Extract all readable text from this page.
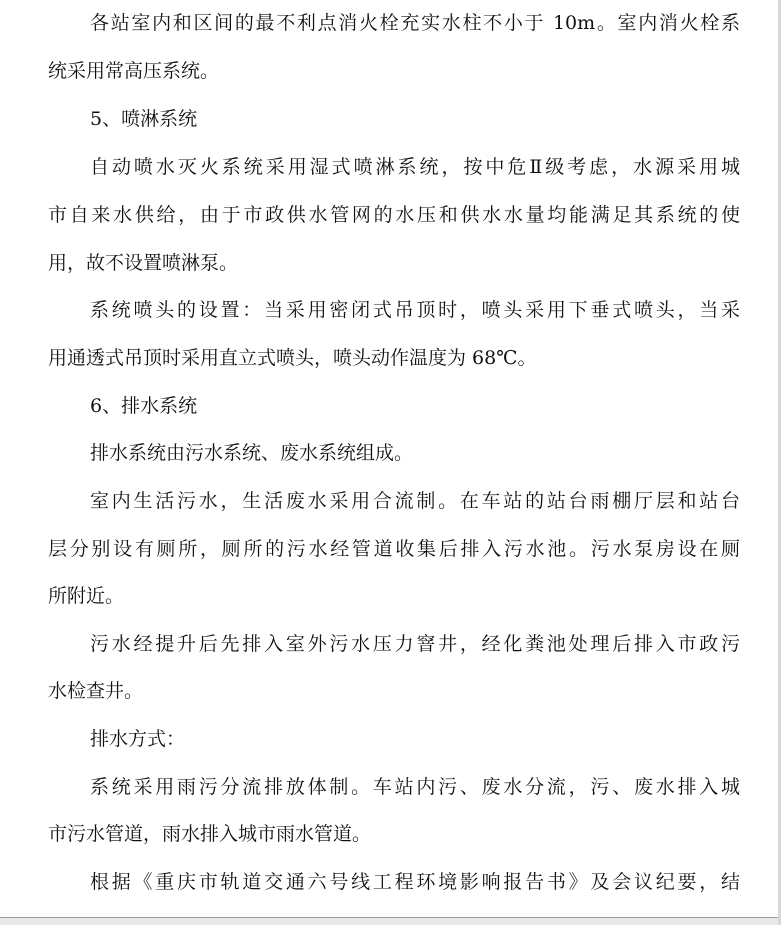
各站室内和区间的最不利点消火栓充实水柱不小于 10m。室内消火栓系
统采用常高压系统。
5、喷淋系统
自动喷水灭火系统采用湿式喷淋系统，按中危Ⅱ级考虑，水源采用城
市自来水供给，由于市政供水管网的水压和供水水量均能满足其系统的使
用，故不设置喷淋泵。
系统喷头的设置：当采用密闭式吊顶时，喷头采用下垂式喷头，当采
用通透式吊顶时采用直立式喷头，喷头动作温度为 68℃。
6、排水系统
排水系统由污水系统、废水系统组成。
室内生活污水，生活废水采用合流制。在车站的站台雨棚厅层和站台
层分别设有厕所，厕所的污水经管道收集后排入污水池。污水泵房设在厕
所附近。
污水经提升后先排入室外污水压力窨井，经化粪池处理后排入市政污
水检查井。
排水方式：
系统采用雨污分流排放体制。车站内污、废水分流，污、废水排入城
市污水管道，雨水排入城市雨水管道。
根据《重庆市轨道交通六号线工程环境影响报告书》及会议纪要，结
